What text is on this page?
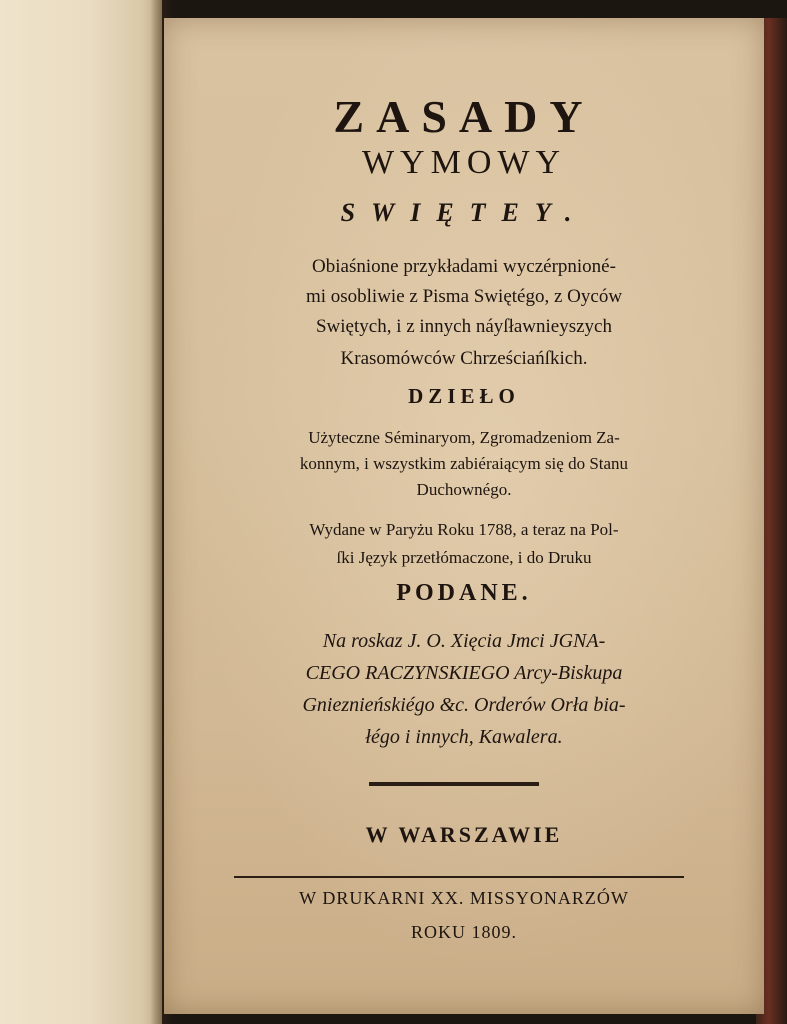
ZASADY
WYMOWY
SWIĘTEY.
Obiaśnione przykładami wyczérpnioné-
mi osobliwie z Pisma Swiętégo, z Oyców
Swiętych, i z innych náyſławnieyszych
Krasomówców Chrześciańſkich.
DZIEŁO
Użyteczne Séminaryom, Zgromadzeniom Za-
konnym, i wszystkim zabiéraiącym się do Stanu
Duchownégo.
Wydane w Paryżu Roku 1788, a teraz na Pol-
ſki Język przetłómaczone, i do Druku
PODANE.
Na roskaz J. O. Xięcia Jmci JGNA-
CEGO RACZYNSKIEGO Arcy-Biskupa
Gnieznieńskiégo &c. Orderów Orła bia-
łégo i innych, Kawalera.
W WARSZAWIE
W DRUKARNI XX. MISSYONARZÓW
ROKU 1809.
